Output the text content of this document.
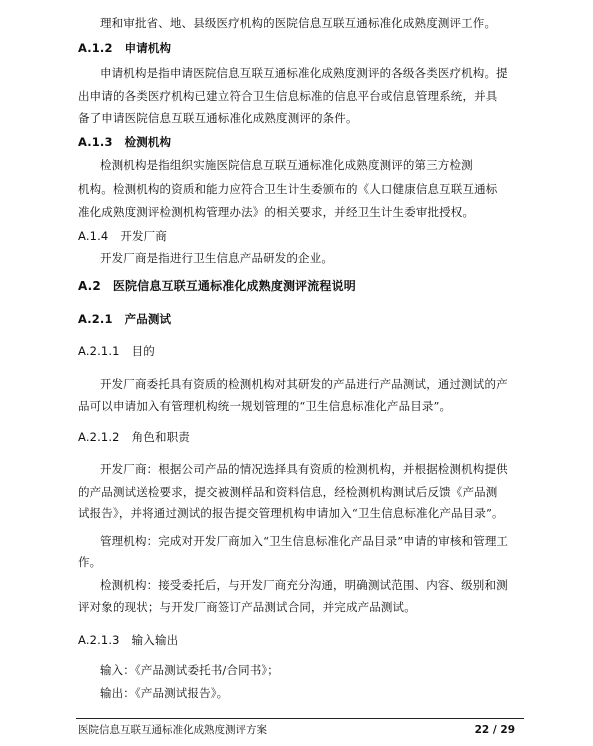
理和审批省、地、县级医疗机构的医院信息互联互通标准化成熟度测评工作。
A.1.2 申请机构
申请机构是指申请医院信息互联互通标准化成熟度测评的各级各类医疗机构。提
出申请的各类医疗机构已建立符合卫生信息标准的信息平台或信息管理系统，并具
备了申请医院信息互联互通标准化成熟度测评的条件。
A.1.3 检测机构
检测机构是指组织实施医院信息互联互通标准化成熟度测评的第三方检测
机构。检测机构的资质和能力应符合卫生计生委颁布的《人口健康信息互联互通标
准化成熟度测评检测机构管理办法》的相关要求，并经卫生计生委审批授权。
A.1.4 开发厂商
开发厂商是指进行卫生信息产品研发的企业。
A.2 医院信息互联互通标准化成熟度测评流程说明
A.2.1 产品测试
A.2.1.1 目的
开发厂商委托具有资质的检测机构对其研发的产品进行产品测试，通过测试的产
品可以申请加入有管理机构统一规划管理的“卫生信息标准化产品目录”。
A.2.1.2 角色和职责
开发厂商：根据公司产品的情况选择具有资质的检测机构，并根据检测机构提供
的产品测试送检要求，提交被测样品和资料信息，经检测机构测试后反馈《产品测
试报告》，并将通过测试的报告提交管理机构申请加入“卫生信息标准化产品目录”。
管理机构：完成对开发厂商加入“卫生信息标准化产品目录”申请的审核和管理工
作。
检测机构：接受委托后，与开发厂商充分沟通，明确测试范围、内容、级别和测
评对象的现状；与开发厂商签订产品测试合同，并完成产品测试。
A.2.1.3 输入输出
输入：《产品测试委托书/合同书》；
输出：《产品测试报告》。
医院信息互联互通标准化成熟度测评方案	22 / 29
